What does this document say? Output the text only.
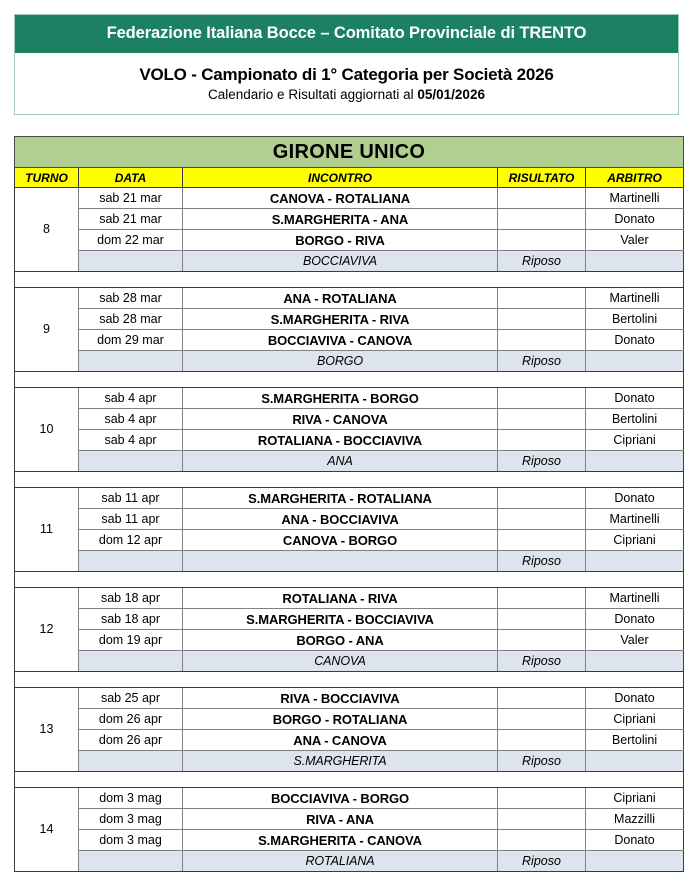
Federazione Italiana Bocce – Comitato Provinciale di TRENTO
VOLO - Campionato di 1° Categoria per Società 2026
Calendario e Risultati aggiornati al 05/01/2026
GIRONE UNICO				
TURNO	DATA	INCONTRO	RISULTATO	ARBITRO
8	sab 21 mar	CANOVA - ROTALIANA		Martinelli
	sab 21 mar	S.MARGHERITA - ANA		Donato
	dom 22 mar	BORGO - RIVA		Valer
		BOCCIAVIVA	Riposo	

9	sab 28 mar	ANA - ROTALIANA		Martinelli
	sab 28 mar	S.MARGHERITA - RIVA		Bertolini
	dom 29 mar	BOCCIAVIVA - CANOVA		Donato
		BORGO	Riposo	

10	sab 4 apr	S.MARGHERITA - BORGO		Donato
	sab 4 apr	RIVA - CANOVA		Bertolini
	sab 4 apr	ROTALIANA - BOCCIAVIVA		Cipriani
		ANA	Riposo	

11	sab 11 apr	S.MARGHERITA - ROTALIANA		Donato
	sab 11 apr	ANA - BOCCIAVIVA		Martinelli
	dom 12 apr	CANOVA - BORGO		Cipriani
			Riposo	

12	sab 18 apr	ROTALIANA - RIVA		Martinelli
	sab 18 apr	S.MARGHERITA - BOCCIAVIVA		Donato
	dom 19 apr	BORGO - ANA		Valer
		CANOVA	Riposo	

13	sab 25 apr	RIVA - BOCCIAVIVA		Donato
	dom 26 apr	BORGO - ROTALIANA		Cipriani
	dom 26 apr	ANA - CANOVA		Bertolini
		S.MARGHERITA	Riposo	

14	dom 3 mag	BOCCIAVIVA - BORGO		Cipriani
	dom 3 mag	RIVA - ANA		Mazzilli
	dom 3 mag	S.MARGHERITA - CANOVA		Donato
		ROTALIANA	Riposo	
